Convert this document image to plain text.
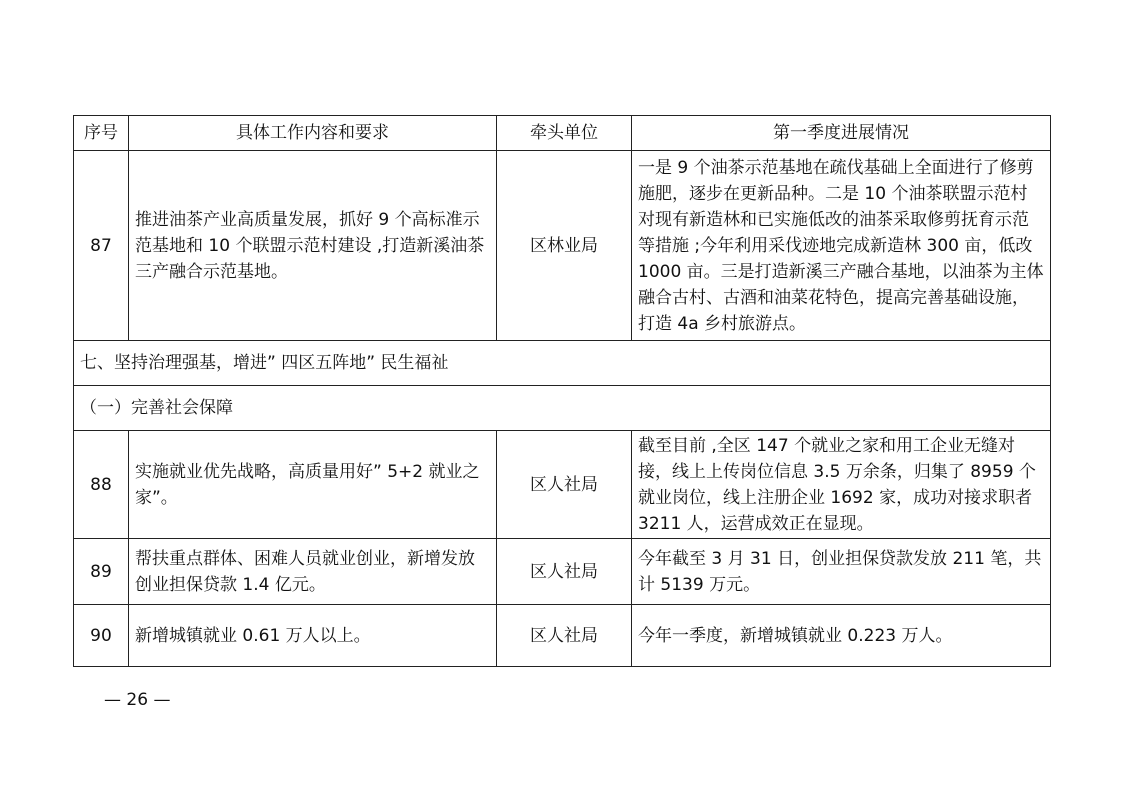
序号	具体工作内容和要求	牵头单位	第一季度进展情况
87	推进油茶产业高质量发展，抓好 9 个高标准示范基地和 10 个联盟示范村建设 ,打造新溪油茶三产融合示范基地。	区林业局	一是 9 个油茶示范基地在疏伐基础上全面进行了修剪施肥，逐步在更新品种。二是 10 个油茶联盟示范村对现有新造林和已实施低改的油茶采取修剪抚育示范等措施 ;今年利用采伐迹地完成新造林 300 亩，低改 1000 亩。三是打造新溪三产融合基地，以油茶为主体融合古村、古酒和油菜花特色，提高完善基础设施，打造 4a 乡村旅游点。
七、坚持治理强基，增进” 四区五阵地” 民生福祉			
（一）完善社会保障			
88	实施就业优先战略，高质量用好” 5+2 就业之家”。	区人社局	截至目前 ,全区 147 个就业之家和用工企业无缝对接，线上上传岗位信息 3.5 万余条，归集了 8959 个就业岗位，线上注册企业 1692 家，成功对接求职者 3211 人，运营成效正在显现。
89	帮扶重点群体、困难人员就业创业，新增发放创业担保贷款 1.4 亿元。	区人社局	今年截至 3 月 31 日，创业担保贷款发放 211 笔，共计 5139 万元。
90	新增城镇就业 0.61 万人以上。	区人社局	今年一季度，新增城镇就业 0.223 万人。
— 26 —
